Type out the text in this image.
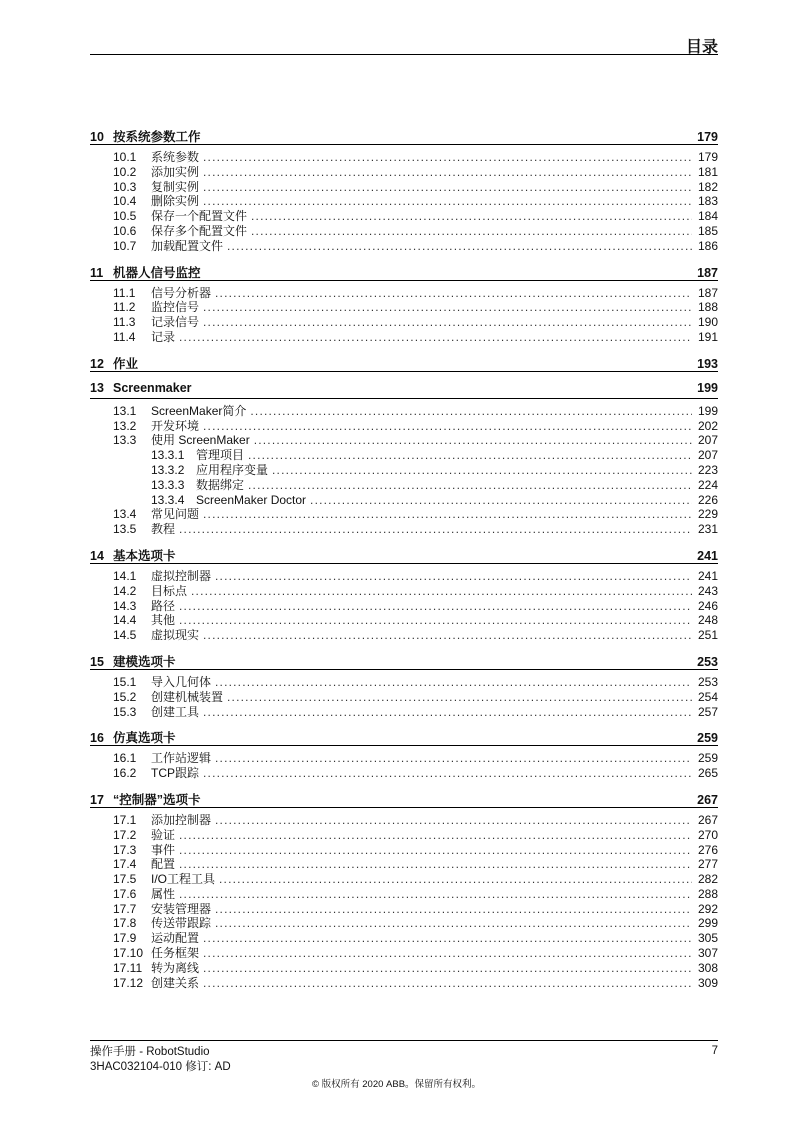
目录
10 按系统参数工作	179
10.1	系统参数 .....	179
10.2	添加实例 .....	181
10.3	复制实例 .....	182
10.4	删除实例 .....	183
10.5	保存一个配置文件 .....	184
10.6	保存多个配置文件 .....	185
10.7	加载配置文件 .....	186
11 机器人信号监控	187
11.1	信号分析器 .....	187
11.2	监控信号 .....	188
11.3	记录信号 .....	190
11.4	记录 .....	191
12 作业	193
13 Screenmaker	199
13.1	ScreenMaker简介 .....	199
13.2	开发环境 .....	202
13.3	使用 ScreenMaker .....	207
13.3.1 管理项目 .....	207
13.3.2 应用程序变量 .....	223
13.3.3 数据绑定 .....	224
13.3.4 ScreenMaker Doctor .....	226
13.4	常见问题 .....	229
13.5	教程 .....	231
14 基本选项卡	241
14.1	虚拟控制器 .....	241
14.2	目标点 .....	243
14.3	路径 .....	246
14.4	其他 .....	248
14.5	虚拟现实 .....	251
15 建模选项卡	253
15.1	导入几何体 .....	253
15.2	创建机械装置 .....	254
15.3	创建工具 .....	257
16 仿真选项卡	259
16.1	工作站逻辑 .....	259
16.2	TCP跟踪 .....	265
17 “控制器”选项卡	267
17.1	添加控制器 .....	267
17.2	验证 .....	270
17.3	事件 .....	276
17.4	配置 .....	277
17.5	I/O工程工具 .....	282
17.6	属性 .....	288
17.7	安装管理器 .....	292
17.8	传送带跟踪 .....	299
17.9	运动配置 .....	305
17.10 任务框架 .....	307
17.11 转为离线 .....	308
17.12 创建关系 .....	309
操作手册 - RobotStudio
3HAC032104-010 修订: AD
7
© 版权所有 2020 ABB。保留所有权利。
